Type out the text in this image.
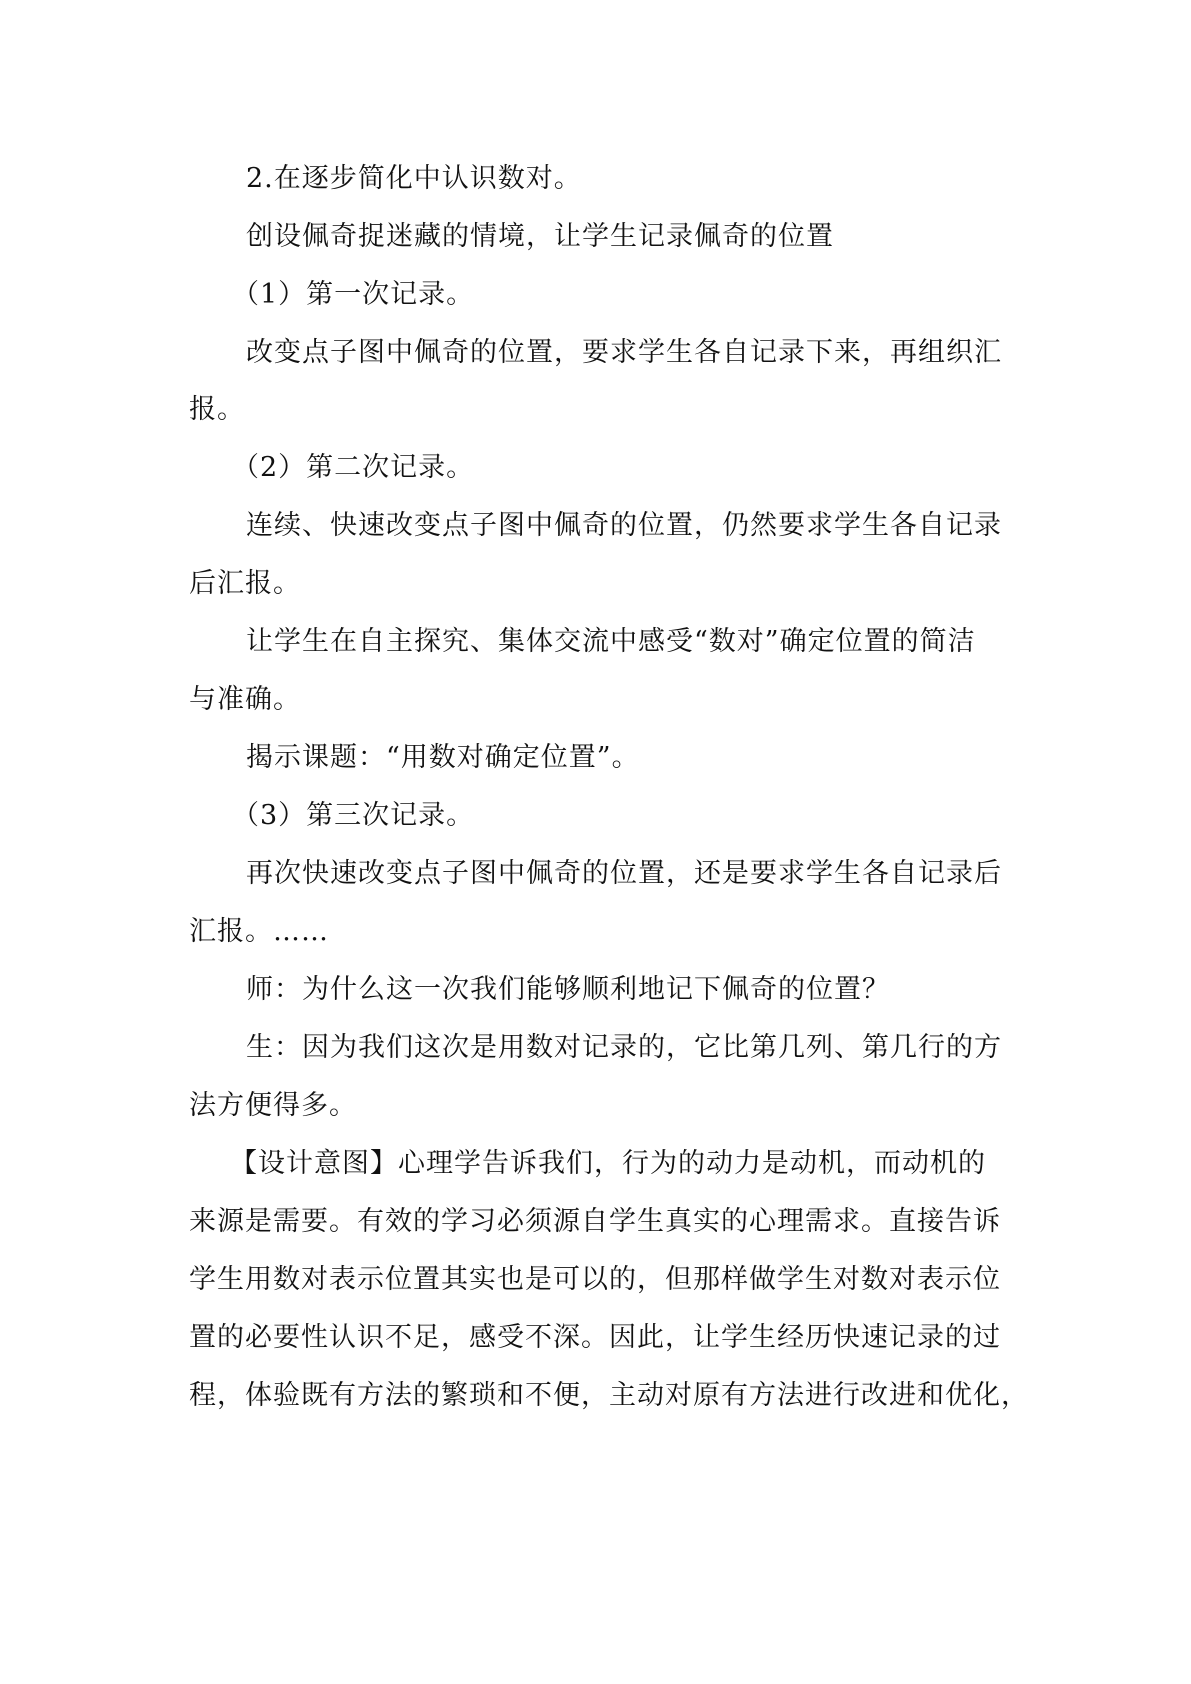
2.在逐步简化中认识数对。
创设佩奇捉迷藏的情境，让学生记录佩奇的位置
（1）第一次记录。
改变点子图中佩奇的位置，要求学生各自记录下来，再组织汇
报。
（2）第二次记录。
连续、快速改变点子图中佩奇的位置，仍然要求学生各自记录
后汇报。
让学生在自主探究、集体交流中感受“数对”确定位置的简洁
与准确。
揭示课题：“用数对确定位置”。
（3）第三次记录。
再次快速改变点子图中佩奇的位置，还是要求学生各自记录后
汇报。……
师：为什么这一次我们能够顺利地记下佩奇的位置？
生：因为我们这次是用数对记录的，它比第几列、第几行的方
法方便得多。
【设计意图】心理学告诉我们，行为的动力是动机，而动机的
来源是需要。有效的学习必须源自学生真实的心理需求。直接告诉
学生用数对表示位置其实也是可以的，但那样做学生对数对表示位
置的必要性认识不足，感受不深。因此，让学生经历快速记录的过
程，体验既有方法的繁琐和不便，主动对原有方法进行改进和优化，
